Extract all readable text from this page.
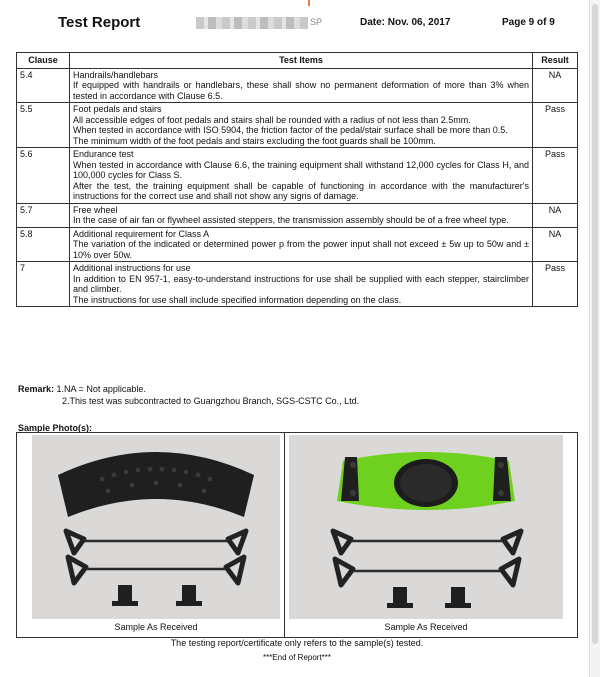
Test Report	SP	Date: Nov. 06, 2017	Page 9 of 9
Clause	Test Items	Result
5.4	Handrails/handlebars
If equipped with handrails or handlebars, these shall show no permanent deformation of more than 3% when tested in accordance with Clause 6.5.	NA
5.5	Foot pedals and stairs
All accessible edges of foot pedals and stairs shall be rounded with a radius of not less than 2.5mm.
When tested in accordance with ISO 5904, the friction factor of the pedal/stair surface shall be more than 0.5.
The minimum width of the foot pedals and stairs excluding the foot guards shall be 100mm.	Pass
5.6	Endurance test
When tested in accordance with Clause 6.6, the training equipment shall withstand 12,000 cycles for Class H, and 100,000 cycles for Class S.
After the test, the training equipment shall be capable of functioning in accordance with the manufacturer's instructions for the correct use and shall not show any signs of damage.	Pass
5.7	Free wheel
In the case of air fan or flywheel assisted steppers, the transmission assembly should be of a free wheel type.	NA
5.8	Additional requirement for Class A
The variation of the indicated or determined power p from the power input shall not exceed ± 5w up to 50w and ± 10% over 50w.	NA
7	Additional instructions for use
In addition to EN 957-1, easy-to-understand instructions for use shall be supplied with each stepper, stairclimber and climber.
The instructions for use shall include specified information depending on the class.	Pass
Remark: 1.NA = Not applicable.
2.This test was subcontracted to Guangzhou Branch, SGS-CSTC Co., Ltd.
Sample Photo(s):
Sample As Received	Sample As Received
The testing report/certificate only refers to the sample(s) tested.
***End of Report***
